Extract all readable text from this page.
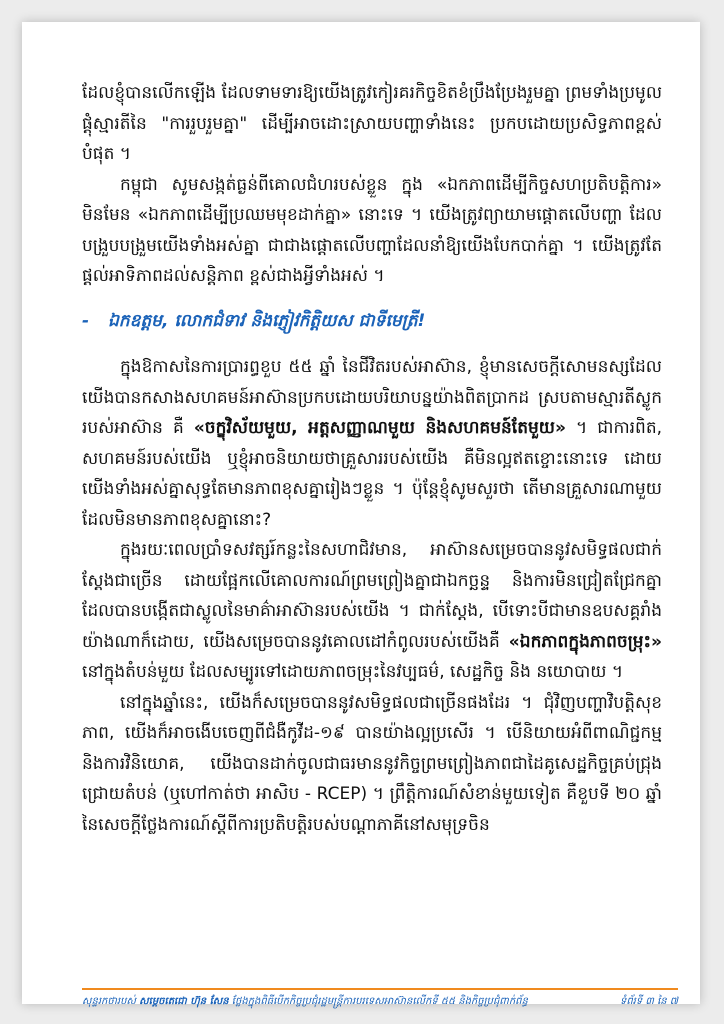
ដែលខ្ញុំបានលើកឡើង ដែលទាមទារឱ្យយើងត្រូវកៀរគរកិច្ចខិតខំប្រឹងប្រែងរួមគ្នា ព្រមទាំងប្រមូលផ្តុំស្មារតីនៃ "ការរួបរួមគ្នា" ដើម្បីអាចដោះស្រាយបញ្ហាទាំងនេះ ប្រកបដោយប្រសិទ្ធភាពខ្ពស់បំផុត ។

កម្ពុជា សូមសង្កត់ធ្ងន់ពីគោលជំហរបស់ខ្លួន ក្នុង «ឯកភាពដើម្បីកិច្ចសហប្រតិបត្តិការ» មិនមែន «ឯកភាពដើម្បីប្រឈមមុខដាក់គ្នា» នោះទេ ។ យើងត្រូវព្យាយាមផ្តោតលើបញ្ហា ដែលបង្រួបបង្រួមយើងទាំងអស់គ្នា ជាជាងផ្តោតលើបញ្ហាដែលនាំឱ្យយើងបែកបាក់គ្នា ។ យើងត្រូវតែផ្តល់អាទិភាពដល់សន្តិភាព ខ្ពស់ជាងអ្វីទាំងអស់ ។

- ឯកឧត្តម, លោកជំទាវ និងភ្ញៀវកិត្តិយស ជាទីមេត្រី!

ក្នុងឱកាសនៃការប្រារព្ធខួប ៥៥ ឆ្នាំ នៃជីវិតរបស់អាស៊ាន, ខ្ញុំមានសេចក្តីសោមនស្សដែលយើងបានកសាងសហគមន៍អាស៊ានប្រកបដោយបរិយាបន្នយ៉ាងពិតប្រាកដ ស្របតាមស្មារតីស្លូករបស់អាស៊ាន គឺ «ចក្ខុវិស័យមួយ, អត្តសញ្ញាណមួយ និងសហគមន៍តែមួយ» ។ ជាការពិត, សហគមន៍របស់យើង ឬខ្ញុំអាចនិយាយថាគ្រួសាររបស់យើង គឺមិនល្អឥតខ្ចោះនោះទេ ដោយយើងទាំងអស់គ្នាសុទ្ធតែមានភាពខុសគ្នារៀងៗខ្លួន ។ ប៉ុន្តែខ្ញុំសូមសួរថា តើមានគ្រួសារណាមួយ ដែលមិនមានភាពខុសគ្នានោះ?

ក្នុងរយៈពេលប្រាំទសវត្សរ៍កន្លះនៃសហាជិវមាន, អាស៊ានសម្រេចបាននូវសមិទ្ធផលជាក់ស្តែងជាច្រើន ដោយផ្អែកលើគោលការណ៍ព្រមព្រៀងគ្នាជាឯកច្ឆន្ទ និងការមិនជ្រៀតជ្រែកគ្នា ដែលបានបង្កើតជាស្លូលនៃមាគ៌ាអាស៊ានរបស់យើង ។ ជាក់ស្តែង, បើទោះបីជាមានឧបសគ្គរាំងយ៉ាងណាក៏ដោយ, យើងសម្រេចបាននូវគោលដៅកំពូលរបស់យើងគឺ «ឯកភាពក្នុងភាពចម្រុះ» នៅក្នុងតំបន់មួយ ដែលសម្បូរទៅដោយភាពចម្រុះនៃវប្បធម៌, សេដ្ឋកិច្ច និង នយោបាយ ។

នៅក្នុងឆ្នាំនេះ, យើងក៏សម្រេចបាននូវសមិទ្ធផលជាច្រើនផងដែរ ។ ជុំវិញបញ្ហាវិបត្តិសុខភាព, យើងក៏អាចងើបចេញពីជំងឺកូវីដ-១៩ បានយ៉ាងល្អប្រសើរ ។ បើនិយាយអំពីពាណិជ្ជកម្ម និងការវិនិយោគ, យើងបានដាក់ចូលជាធរមាននូវកិច្ចព្រមព្រៀងភាពជាដៃគូសេដ្ឋកិច្ចគ្រប់ជ្រុងជ្រោយតំបន់ (ឬហៅកាត់ថា អាសិប - RCEP) ។ ព្រឹត្តិការណ៍សំខាន់មួយទៀត គឺខួបទី ២០ ឆ្នាំនៃសេចក្តីថ្លែងការណ៍ស្តីពីការប្រតិបត្តិរបស់បណ្តាភាគីនៅសមុទ្រចិន

សុន្ទរកថារបស់ សម្តេចតេជោ ហ៊ុន សែន ថ្លែងក្នុងពិធីបើកកិច្ចប្រជុំរដ្ឋមន្ត្រីការបរទេសអាស៊ានលើកទី ៥៥ និងកិច្ចប្រជុំពាក់ព័ន្ធ	ទំព័រទី ៣ នៃ ៧
